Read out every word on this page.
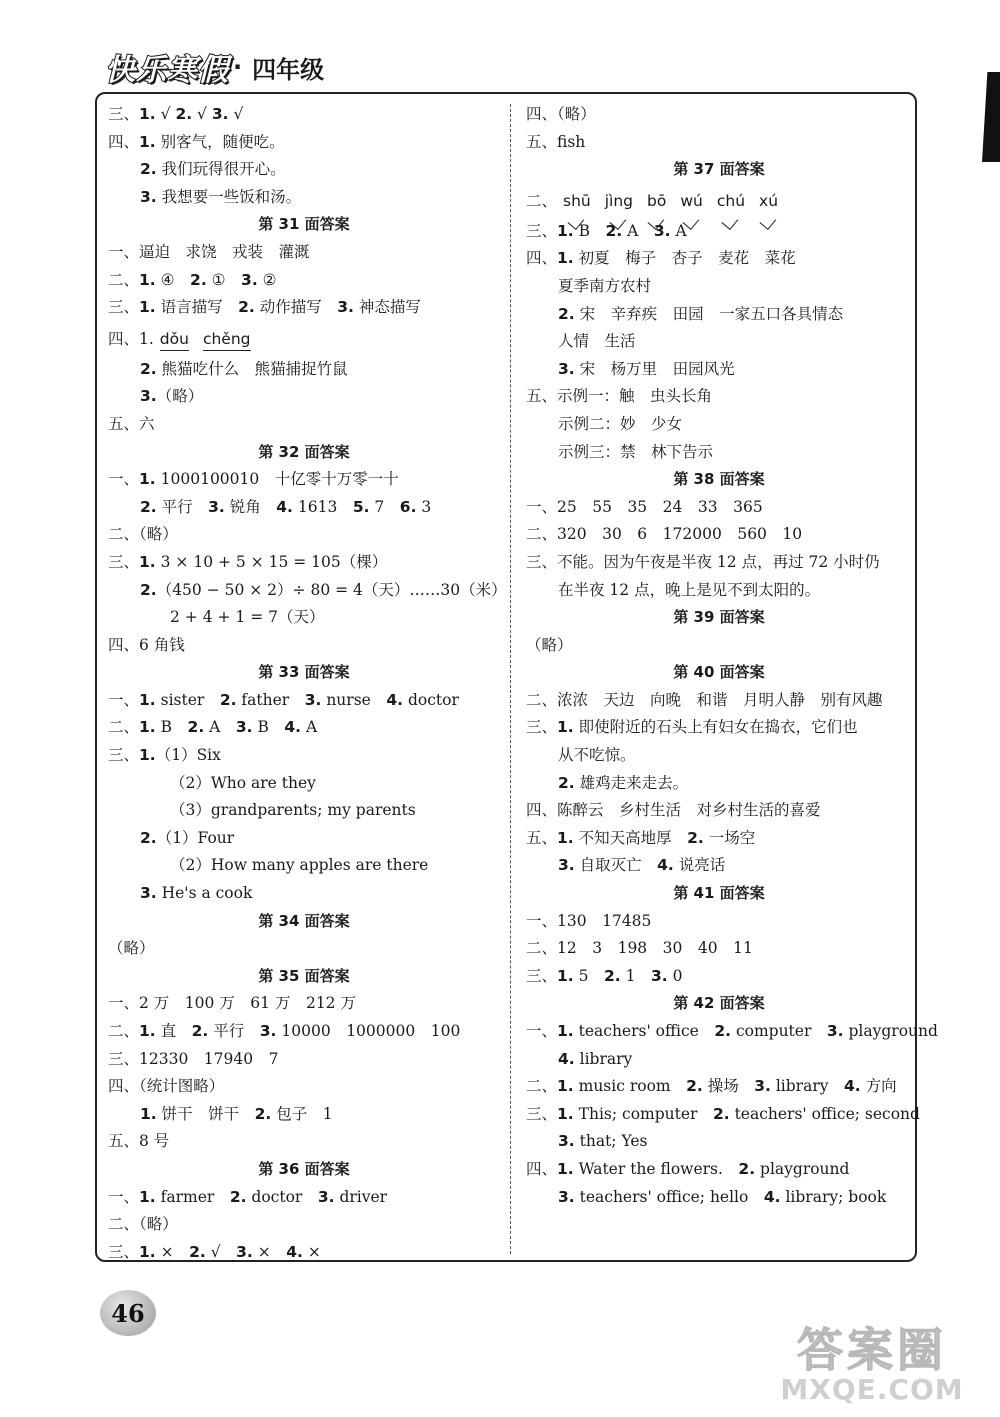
快乐寒假 · 四年级
三、1. √ 2. √ 3. √
四、1. 别客气，随便吃。
2. 我们玩得很开心。
3. 我想要一些饭和汤。
第 31 面答案
一、逼迫　求饶　戎装　灌溉
二、1. ④　2. ①　3. ②
三、1. 语言描写　2. 动作描写　3. 神态描写
四、1. dǒu chěng
2. 熊猫吃什么　熊猫捕捉竹鼠
3.（略）
五、六
第 32 面答案
一、1. 1000100010　十亿零十万零一十
2. 平行　3. 锐角　4. 1613　5. 7　6. 3
二、（略）
三、1. 3 × 10 + 5 × 15 = 105（棵）
2.（450 − 50 × 2）÷ 80 = 4（天）……30（米）
2 + 4 + 1 = 7（天）
四、6 角钱
第 33 面答案
一、1. sister　2. father　3. nurse　4. doctor
二、1. B　2. A　3. B　4. A
三、1.（1）Six
（2）Who are they
（3）grandparents; my parents
2.（1）Four
（2）How many apples are there
3. He's a cook
第 34 面答案
（略）
第 35 面答案
一、2 万　100 万　61 万　212 万
二、1. 直　2. 平行　3. 10000　1000000　100
三、12330　17940　7
四、（统计图略）
1. 饼干　饼干　2. 包子　1
五、8 号
第 36 面答案
一、1. farmer　2. doctor　3. driver
二、（略）
三、1. ×　2. √　3. ×　4. ×
四、（略）
五、fish
第 37 面答案
二、 shū jìng bō wú chú xú
三、1. B　2. A　3. A
四、1. 初夏　梅子　杏子　麦花　菜花
夏季南方农村
2. 宋　辛弃疾　田园　一家五口各具情态
人情　生活
3. 宋　杨万里　田园风光
五、示例一：触　虫头长角
示例二：妙　少女
示例三：禁　林下告示
第 38 面答案
一、25　55　35　24　33　365
二、320　30　6　172000　560　10
三、不能。因为午夜是半夜 12 点，再过 72 小时仍
在半夜 12 点，晚上是见不到太阳的。
第 39 面答案
（略）
第 40 面答案
二、浓浓　天边　向晚　和谐　月明人静　别有风趣
三、1. 即使附近的石头上有妇女在捣衣，它们也
从不吃惊。
2. 雄鸡走来走去。
四、陈醉云　乡村生活　对乡村生活的喜爱
五、1. 不知天高地厚　2. 一场空
3. 自取灭亡　4. 说亮话
第 41 面答案
一、130　17485
二、12　3　198　30　40　11
三、1. 5　2. 1　3. 0
第 42 面答案
一、1. teachers' office　2. computer　3. playground
4. library
二、1. music room　2. 操场　3. library　4. 方向
三、1. This; computer　2. teachers' office; second
3. that; Yes
四、1. Water the flowers.　2. playground
3. teachers' office; hello　4. library; book
46
答案圈
MXQE.COM
